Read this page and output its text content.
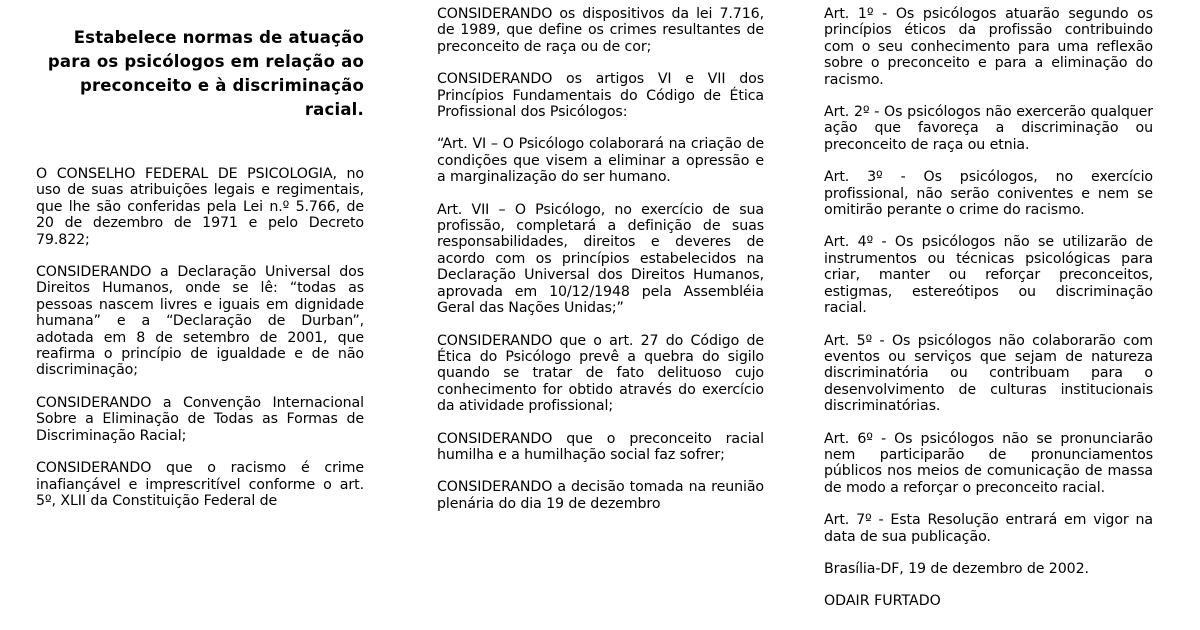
Estabelece normas de atuação para os psicólogos em relação ao preconceito e à discriminação racial.

O CONSELHO FEDERAL DE PSICOLOGIA, no uso de suas atribuições legais e regimentais, que lhe são conferidas pela Lei n.º 5.766, de 20 de dezembro de 1971 e pelo Decreto 79.822;

CONSIDERANDO a Declaração Universal dos Direitos Humanos, onde se lê: “todas as pessoas nascem livres e iguais em dignidade humana” e a “Declaração de Durban”, adotada em 8 de setembro de 2001, que reafirma o princípio de igualdade e de não discriminação;

CONSIDERANDO a Convenção Internacional Sobre a Eliminação de Todas as Formas de Discriminação Racial;

CONSIDERANDO que o racismo é crime inafiançável e imprescritível conforme o art. 5º, XLII da Constituição Federal de

CONSIDERANDO os dispositivos da lei 7.716, de 1989, que define os crimes resultantes de preconceito de raça ou de cor;

CONSIDERANDO os artigos VI e VII dos Princípios Fundamentais do Código de Ética Profissional dos Psicólogos:

“Art. VI – O Psicólogo colaborará na criação de condições que visem a eliminar a opressão e a marginalização do ser humano.

Art. VII – O Psicólogo, no exercício de sua profissão, completará a definição de suas responsabilidades, direitos e deveres de acordo com os princípios estabelecidos na Declaração Universal dos Direitos Humanos, aprovada em 10/12/1948 pela Assembléia Geral das Nações Unidas;”

CONSIDERANDO que o art. 27 do Código de Ética do Psicólogo prevê a quebra do sigilo quando se tratar de fato delituoso cujo conhecimento for obtido através do exercício da atividade profissional;

CONSIDERANDO que o preconceito racial humilha e a humilhação social faz sofrer;

CONSIDERANDO a decisão tomada na reunião plenária do dia 19 de dezembro

Art. 1º - Os psicólogos atuarão segundo os princípios éticos da profissão contribuindo com o seu conhecimento para uma reflexão sobre o preconceito e para a eliminação do racismo.

Art. 2º - Os psicólogos não exercerão qualquer ação que favoreça a discriminação ou preconceito de raça ou etnia.

Art. 3º - Os psicólogos, no exercício profissional, não serão coniventes e nem se omitirão perante o crime do racismo.

Art. 4º - Os psicólogos não se utilizarão de instrumentos ou técnicas psicológicas para criar, manter ou reforçar preconceitos, estigmas, estereótipos ou discriminação racial.

Art. 5º - Os psicólogos não colaborarão com eventos ou serviços que sejam de natureza discriminatória ou contribuam para o desenvolvimento de culturas institucionais discriminatórias.

Art. 6º - Os psicólogos não se pronunciarão nem participarão de pronunciamentos públicos nos meios de comunicação de massa de modo a reforçar o preconceito racial.

Art. 7º - Esta Resolução entrará em vigor na data de sua publicação.

Brasília-DF, 19 de dezembro de 2002.

ODAIR FURTADO
